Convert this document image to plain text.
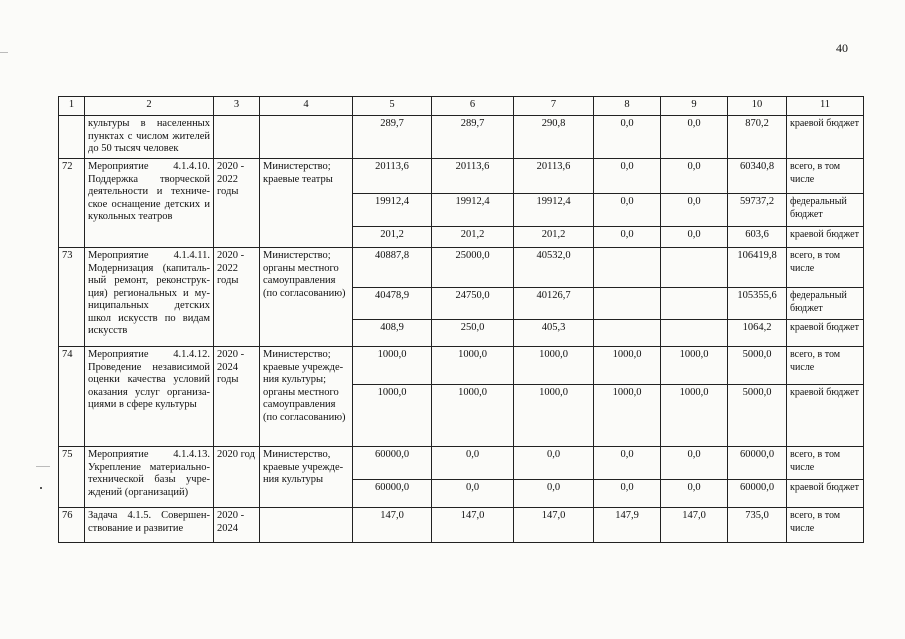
40
1	2	3	4	5	6	7	8	9	10	11
	культуры в населенных пунктах с числом жителей до 50 тысяч человек			289,7	289,7	290,8	0,0	0,0	870,2	краевой бюджет
72	Мероприятие 4.1.4.10. Поддержка творческой деятельности и техниче-ское оснащение детских и кукольных театров	2020 - 2022 годы	Министерство; краевые театры	20113,6	20113,6	20113,6	0,0	0,0	60340,8	всего, в том числе
				19912,4	19912,4	19912,4	0,0	0,0	59737,2	федеральный бюджет
				201,2	201,2	201,2	0,0	0,0	603,6	краевой бюджет
73	Мероприятие 4.1.4.11. Модернизация (капиталь-ный ремонт, реконструк-ция) региональных и му-ниципальных детских школ искусств по видам искусств	2020 - 2022 годы	Министерство; органы местного самоуправления (по согласованию)	40887,8	25000,0	40532,0			106419,8	всего, в том числе
				40478,9	24750,0	40126,7			105355,6	федеральный бюджет
				408,9	250,0	405,3			1064,2	краевой бюджет
74	Мероприятие 4.1.4.12. Проведение независимой оценки качества условий оказания услуг организа-циями в сфере культуры	2020 - 2024 годы	Министерство; краевые учрежде-ния культуры; органы местного самоуправления (по согласованию)	1000,0	1000,0	1000,0	1000,0	1000,0	5000,0	всего, в том числе
				1000,0	1000,0	1000,0	1000,0	1000,0	5000,0	краевой бюджет
75	Мероприятие 4.1.4.13. Укрепление материально-технической базы учре-ждений (организаций)	2020 год	Министерство, краевые учрежде-ния культуры	60000,0	0,0	0,0	0,0	0,0	60000,0	всего, в том числе
				60000,0	0,0	0,0	0,0	0,0	60000,0	краевой бюджет
76	Задача 4.1.5. Совершен-ствование и развитие	2020 - 2024		147,0	147,0	147,0	147,9	147,0	735,0	всего, в том числе
